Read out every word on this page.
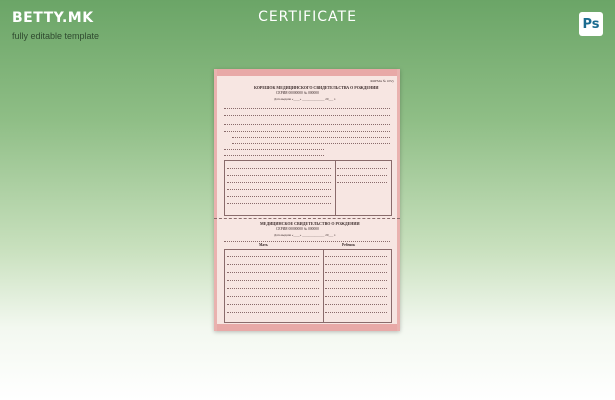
BETTY.MK
fully editable template
CERTIFICATE	Ps
ФОРМА № 103/у
КОРЕШОК МЕДИЦИНСКОГО СВИДЕТЕЛЬСТВА О РОЖДЕНИИ
СЕРИЯ 00000000 № 000000
Дата выдачи «____» ______________ 20___ г.
МЕДИЦИНСКОЕ СВИДЕТЕЛЬСТВО О РОЖДЕНИИ
СЕРИЯ 00000000 № 000000
Дата выдачи «____» ______________ 20___ г.
Мать	Ребенок
